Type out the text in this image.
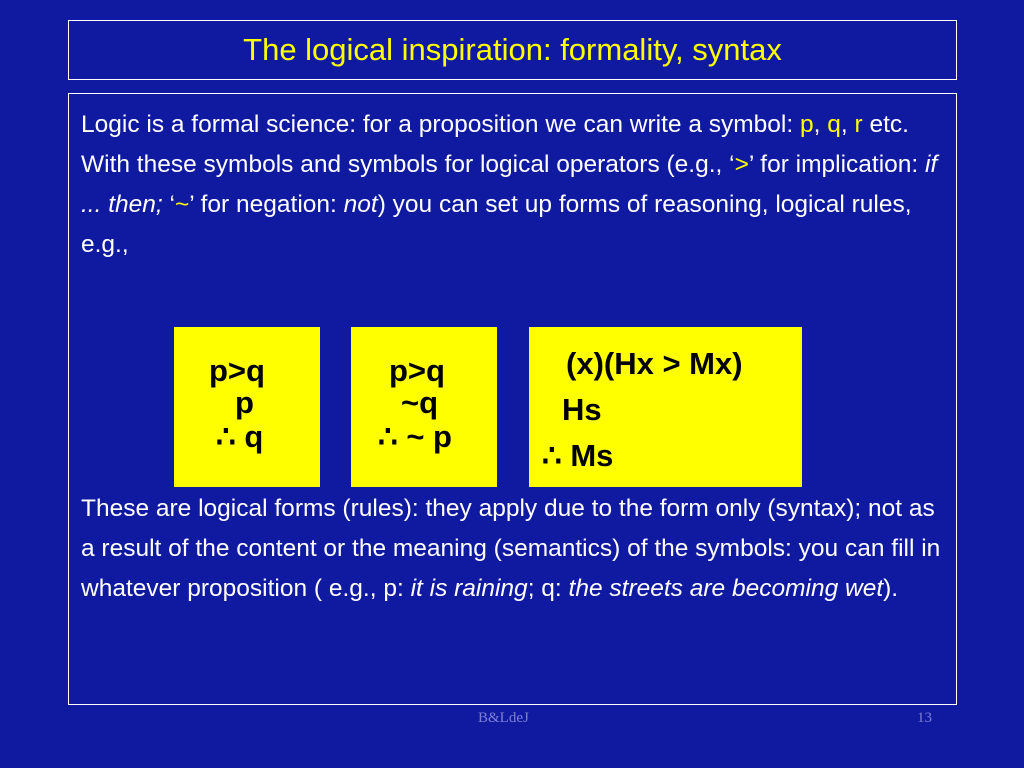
The logical inspiration: formality, syntax
Logic is a formal science: for a proposition we can write a symbol: p, q, r etc. With these symbols and symbols for logical operators (e.g., ‘>’ for implication: if ... then; ‘~’ for negation: not) you can set up forms of reasoning, logical rules, e.g.,
p>q
p
∴ q
p>q
~q
∴ ~ p
(x)(Hx > Mx)
Hs
∴ Ms
These are logical forms (rules): they apply due to the form only (syntax); not as a result of the content or the meaning (semantics) of the symbols: you can fill in whatever proposition ( e.g., p: it is raining; q: the streets are becoming wet).
B&LdeJ	13
